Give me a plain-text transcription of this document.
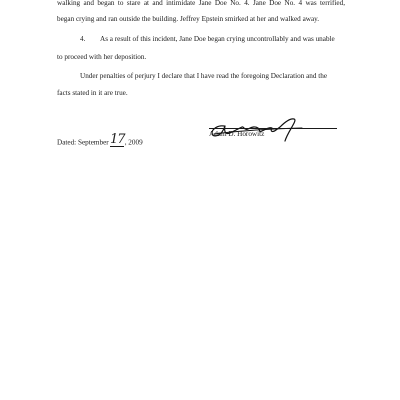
walking and began to stare at and intimidate Jane Doe No. 4. Jane Doe No. 4 was terrified,
began crying and ran outside the building. Jeffrey Epstein smirked at her and walked away.
4. As a result of this incident, Jane Doe began crying uncontrollably and was unable
to proceed with her deposition.
Under penalties of perjury I declare that I have read the foregoing Declaration and the
facts stated in it are true.
Dated: September 17 , 2009
Adam D. Horowitz
